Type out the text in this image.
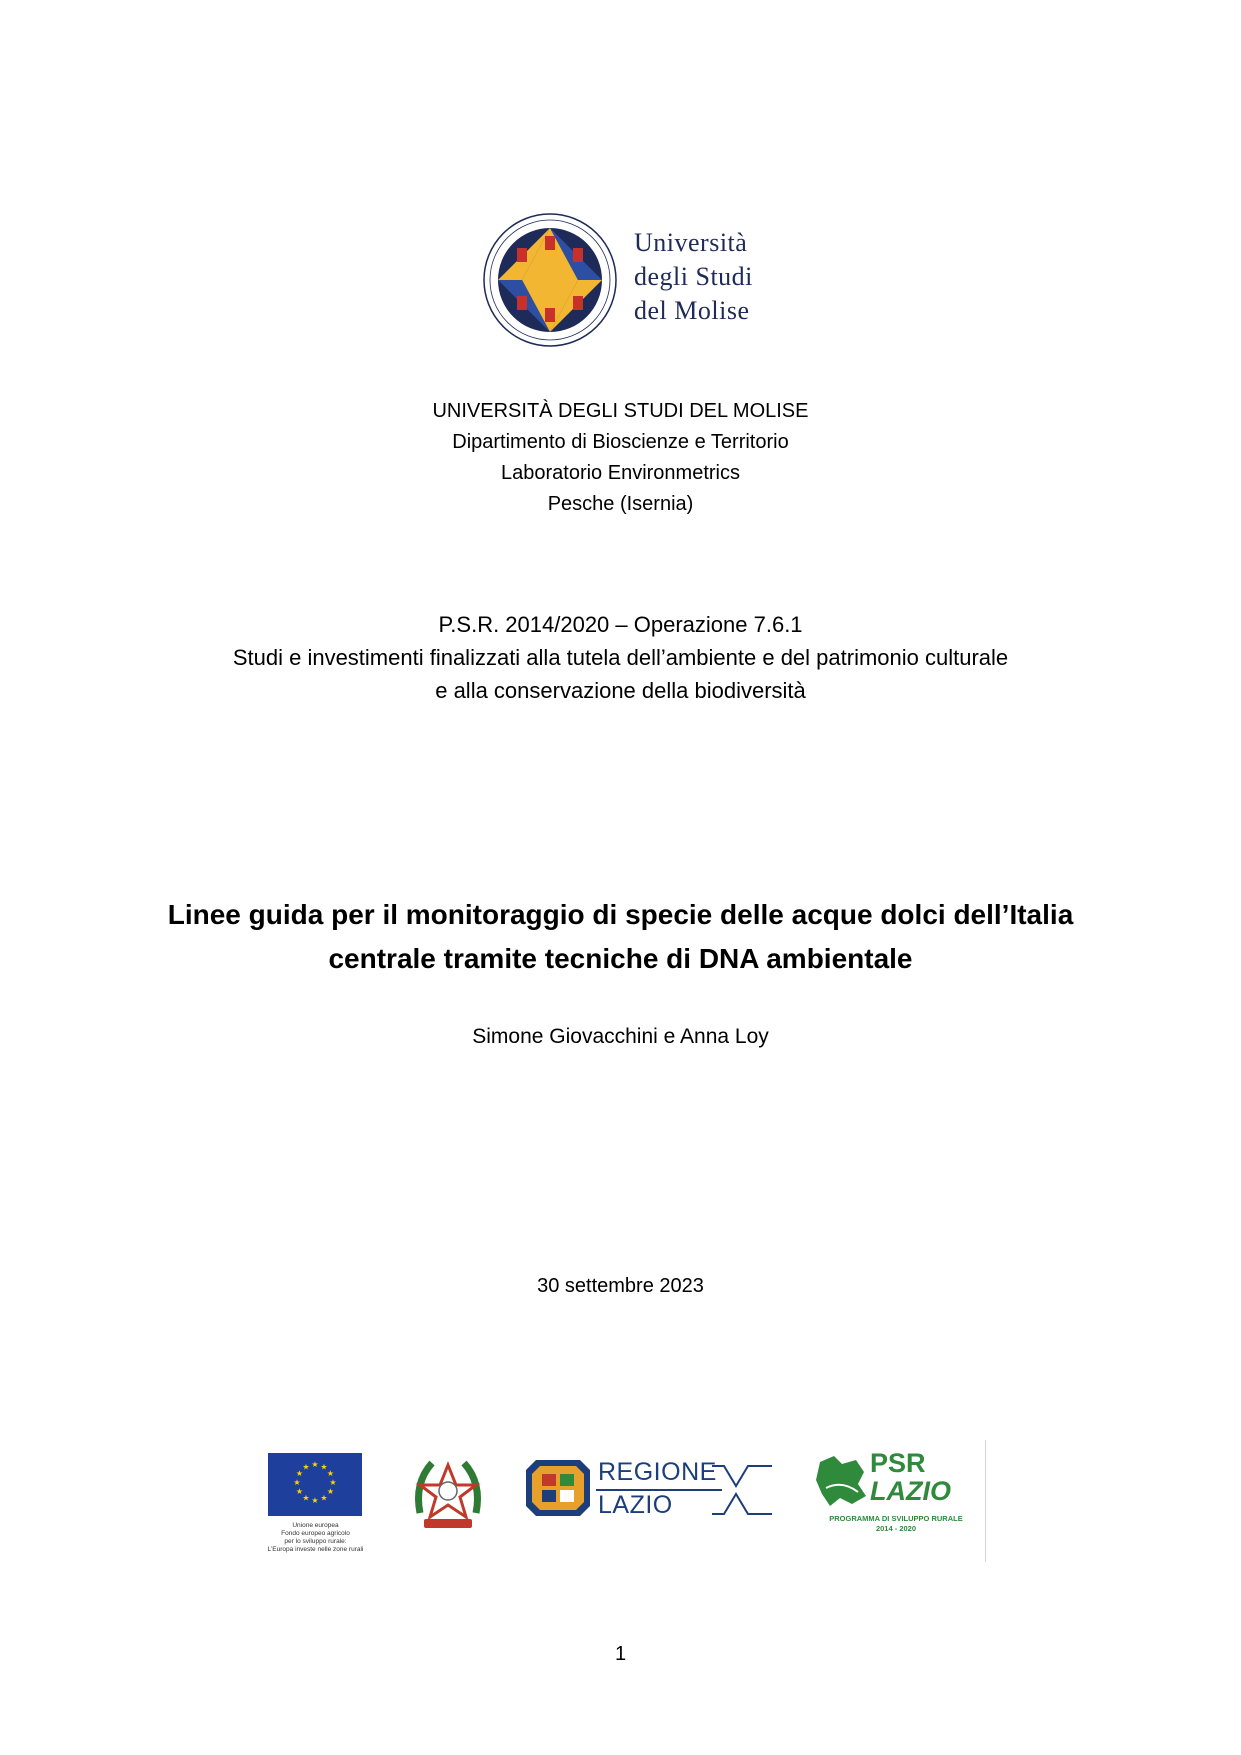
Università
degli Studi
del Molise
UNIVERSITÀ DEGLI STUDI DEL MOLISE
Dipartimento di Bioscienze e Territorio
Laboratorio Environmetrics
Pesche (Isernia)
P.S.R. 2014/2020 – Operazione 7.6.1
Studi e investimenti finalizzati alla tutela dell’ambiente e del patrimonio culturale
e alla conservazione della biodiversità
Linee guida per il monitoraggio di specie delle acque dolci dell’Italia
centrale tramite tecniche di DNA ambientale
Simone Giovacchini e Anna Loy
30 settembre 2023
★ ★
★
★
★
★
★
★
★
★
★
★
Unione europea
Fondo europeo agricolo
per lo sviluppo rurale:
L’Europa investe nelle zone rurali
REGIONE
LAZIO
PSR
LAZIO
PROGRAMMA DI SVILUPPO RURALE
2014 - 2020
1
